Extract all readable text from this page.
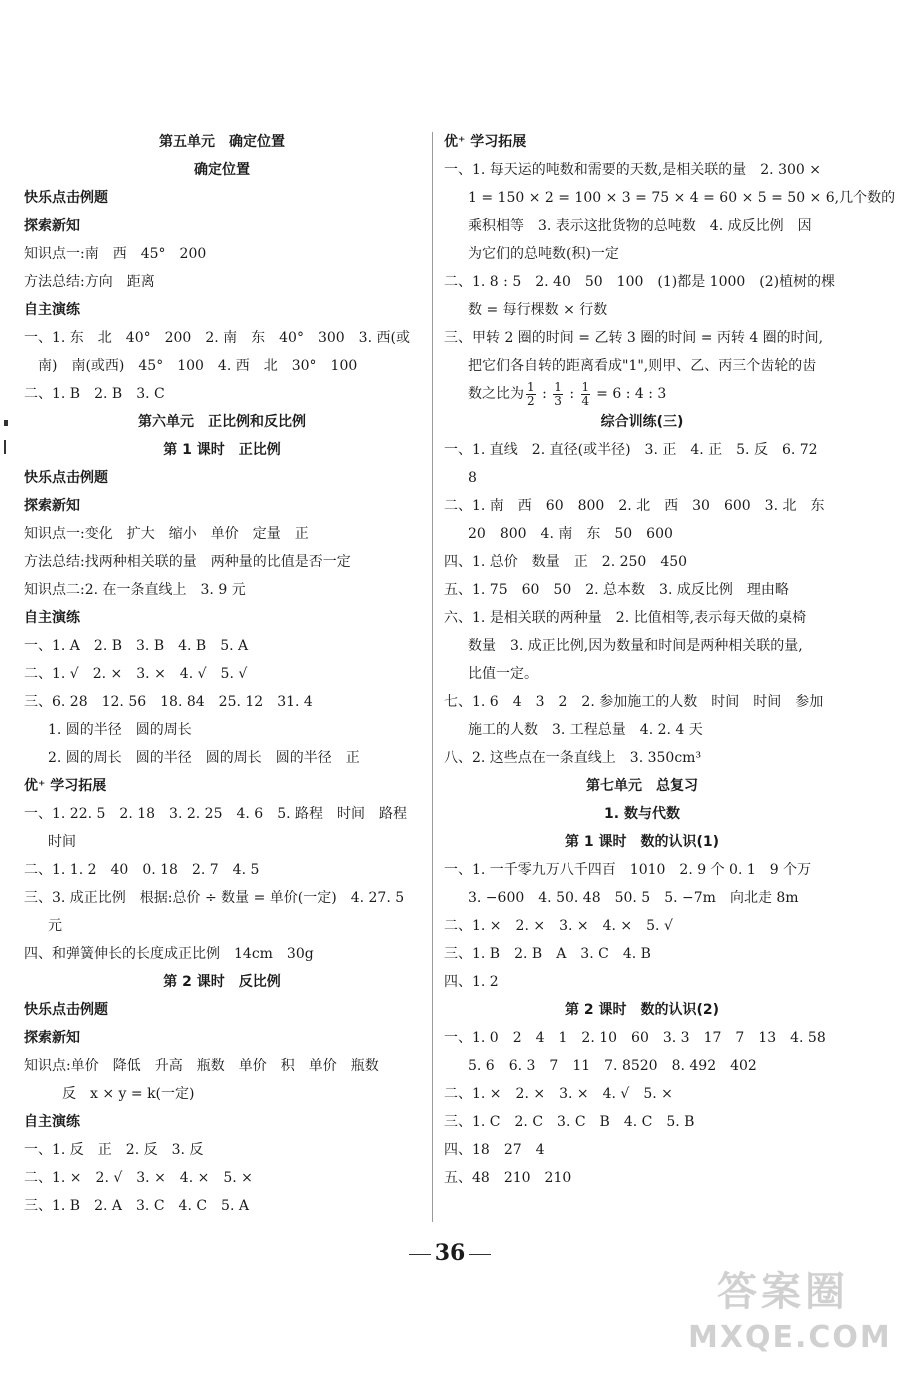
第五单元　确定位置
确定位置
快乐点击例题
探索新知
知识点一:南　西　45°　200
方法总结:方向　距离
自主演练
一、1. 东　北　40°　200　2. 南　东　40°　300　3. 西(或
　南)　南(或西)　45°　100　4. 西　北　30°　100
二、1. B　2. B　3. C
第六单元　正比例和反比例
第 1 课时　正比例
快乐点击例题
探索新知
知识点一:变化　扩大　缩小　单价　定量　正
方法总结:找两种相关联的量　两种量的比值是否一定
知识点二:2. 在一条直线上　3. 9 元
自主演练
一、1. A　2. B　3. B　4. B　5. A
二、1. √　2. ×　3. ×　4. √　5. √
三、6. 28　12. 56　18. 84　25. 12　31. 4
1. 圆的半径　圆的周长
2. 圆的周长　圆的半径　圆的周长　圆的半径　正
优⁺ 学习拓展
一、1. 22. 5　2. 18　3. 2. 25　4. 6　5. 路程　时间　路程
时间
二、1. 1. 2　40　0. 18　2. 7　4. 5
三、3. 成正比例　根据:总价 ÷ 数量 = 单价(一定)　4. 27. 5
元
四、和弹簧伸长的长度成正比例　14cm　30g
第 2 课时　反比例
快乐点击例题
探索新知
知识点:单价　降低　升高　瓶数　单价　积　单价　瓶数
　反　x × y = k(一定)
自主演练
一、1. 反　正　2. 反　3. 反
二、1. ×　2. √　3. ×　4. ×　5. ×
三、1. B　2. A　3. C　4. C　5. A
优⁺ 学习拓展
一、1. 每天运的吨数和需要的天数,是相关联的量　2. 300 ×
1 = 150 × 2 = 100 × 3 = 75 × 4 = 60 × 5 = 50 × 6,几个数的
乘积相等　3. 表示这批货物的总吨数　4. 成反比例　因
为它们的总吨数(积)一定
二、1. 8 : 5　2. 40　50　100　(1)都是 1000　(2)植树的棵
数 = 每行棵数 × 行数
三、甲转 2 圈的时间 = 乙转 3 圈的时间 = 丙转 4 圈的时间,
把它们各自转的距离看成"1",则甲、乙、丙三个齿轮的齿
数之比为 $\frac{1}{2}$ : $\frac{1}{3}$ : $\frac{1}{4} = 6$ : 4 : 3
综合训练(三)
一、1. 直线　2. 直径(或半径)　3. 正　4. 正　5. 反　6. 72
8
二、1. 南　西　60　800　2. 北　西　30　600　3. 北　东
20　800　4. 南　东　50　600
四、1. 总价　数量　正　2. 250　450
五、1. 75　60　50　2. 总本数　3. 成反比例　理由略
六、1. 是相关联的两种量　2. 比值相等,表示每天做的桌椅
数量　3. 成正比例,因为数量和时间是两种相关联的量,
比值一定。
七、1. 6　4　3　2　2. 参加施工的人数　时间　时间　参加
施工的人数　3. 工程总量　4. 2. 4 天
八、2. 这些点在一条直线上　3. 350cm³
第七单元　总复习
1. 数与代数
第 1 课时　数的认识(1)
一、1. 一千零九万八千四百　1010　2. 9 个 0. 1　9 个万
3. −600　4. 50. 48　50. 5　5. −7m　向北走 8m
二、1. ×　2. ×　3. ×　4. ×　5. √
三、1. B　2. B　A　3. C　4. B
四、1. 2
第 2 课时　数的认识(2)
一、1. 0　2　4　1　2. 10　60　3. 3　17　7　13　4. 58
5. 6　6. 3　7　11　7. 8520　8. 492　402
二、1. ×　2. ×　3. ×　4. √　5. ×
三、1. C　2. C　3. C　B　4. C　5. B
四、18　27　4
五、48　210　210
36
答案圈
MXQE.COM
